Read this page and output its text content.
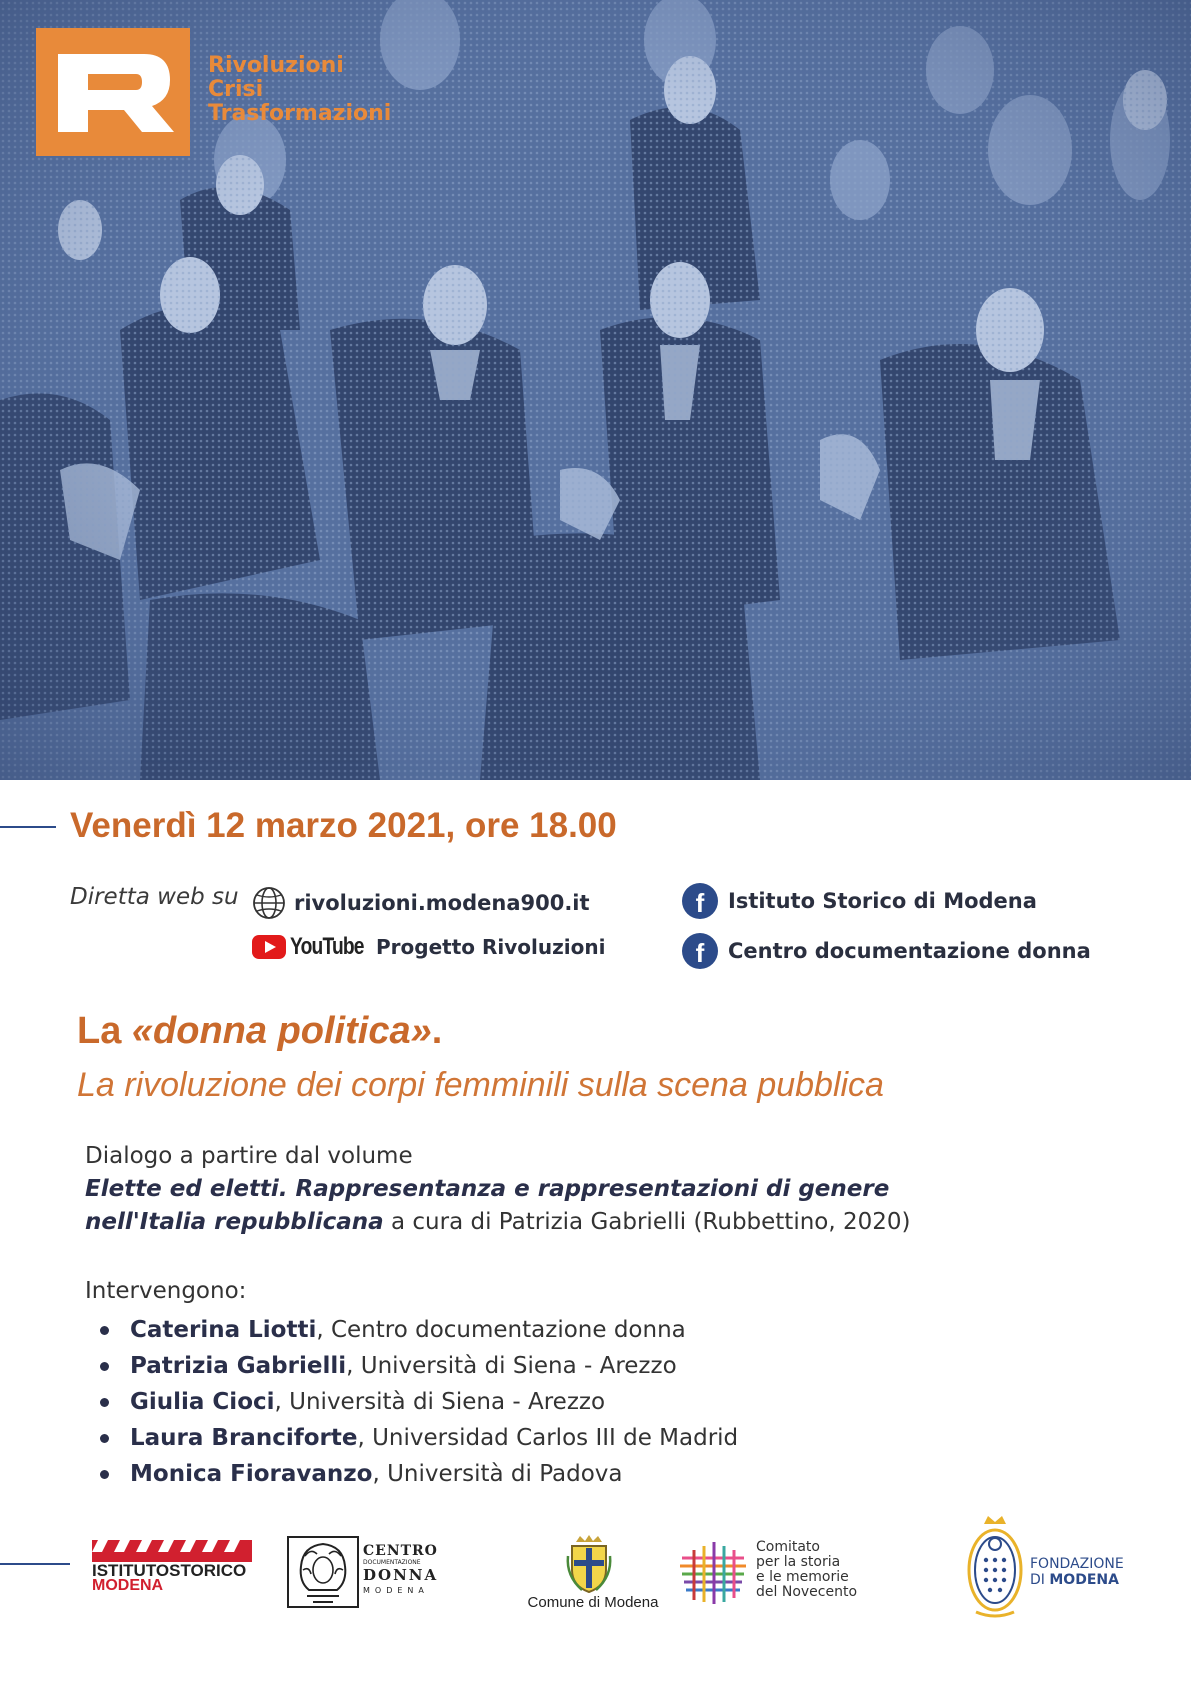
Rivoluzioni
Crisi
Trasformazioni
Venerdì 12 marzo 2021, ore 18.00
Diretta web su	rivoluzioni.modena900.it
YouTube Progetto Rivoluzioni
f	Istituto Storico di Modena
f	Centro documentazione donna
La «donna politica».
La rivoluzione dei corpi femminili sulla scena pubblica
Dialogo a partire dal volume
Elette ed eletti. Rappresentanza e rappresentazioni di genere nell'Italia repubblicana a cura di Patrizia Gabrielli (Rubbettino, 2020)
Intervengono:
Caterina Liotti, Centro documentazione donna
Patrizia Gabrielli, Università di Siena - Arezzo
Giulia Cioci, Università di Siena - Arezzo
Laura Branciforte, Universidad Carlos III de Madrid
Monica Fioravanzo, Università di Padova
ISTITUTOSTORICO
MODENA
CENTRO
DOCUMENTAZIONE
DONNA
MODENA
Comune di Modena
Comitato
per la storia
e le memorie
del Novecento
FONDAZIONE
DI MODENA
